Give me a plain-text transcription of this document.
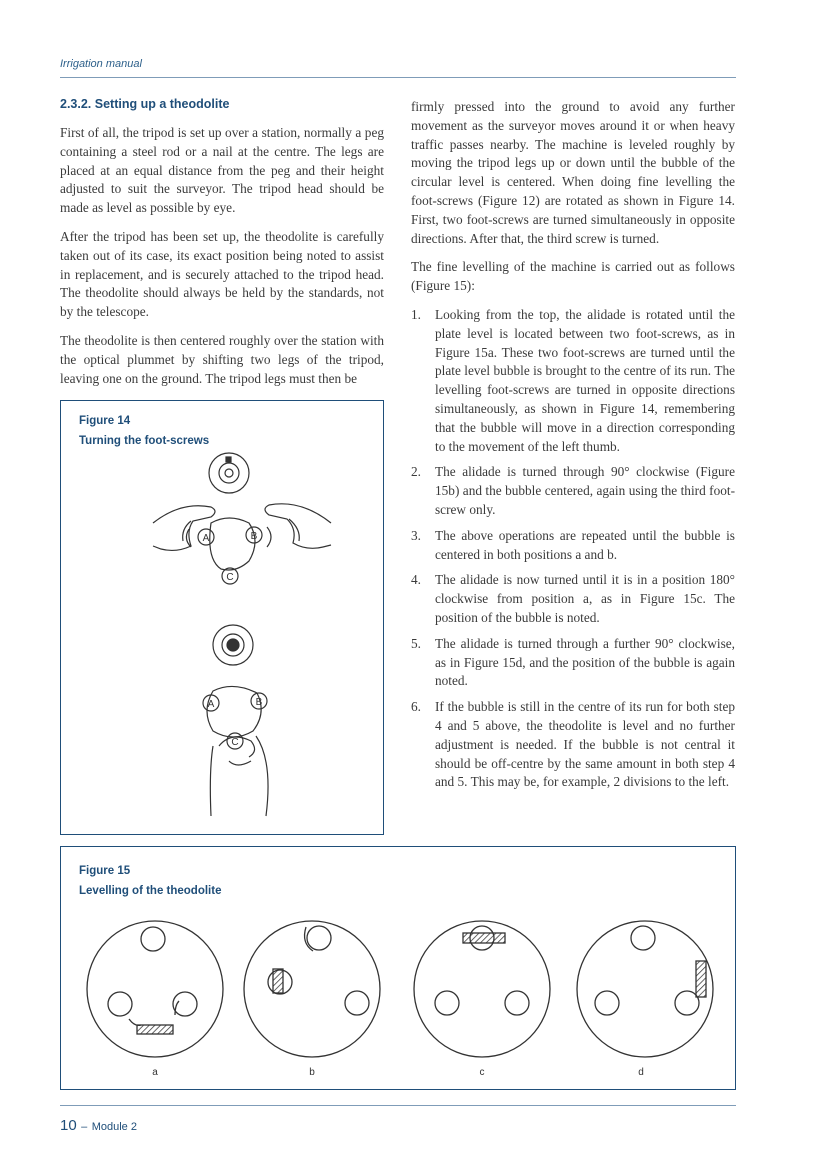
Irrigation manual
2.3.2. Setting up a theodolite

First of all, the tripod is set up over a station, normally a peg containing a steel rod or a nail at the centre. The legs are placed at an equal distance from the peg and their height adjusted to suit the surveyor. The tripod head should be made as level as possible by eye.

After the tripod has been set up, the theodolite is carefully taken out of its case, its exact position being noted to assist in replacement, and is securely attached to the tripod head. The theodolite should always be held by the standards, not by the telescope.

The theodolite is then centered roughly over the station with the optical plummet by shifting two legs of the tripod, leaving one on the ground. The tripod legs must then be

firmly pressed into the ground to avoid any further movement as the surveyor moves around it or when heavy traffic passes nearby. The machine is leveled roughly by moving the tripod legs up or down until the bubble of the circular level is centered. When doing fine levelling the foot-screws (Figure 12) are rotated as shown in Figure 14. First, two foot-screws are turned simultaneously in opposite directions. After that, the third screw is turned.

The fine levelling of the machine is carried out as follows (Figure 15):

1. Looking from the top, the alidade is rotated until the plate level is located between two foot-screws, as in Figure 15a. These two foot-screws are turned until the plate level bubble is brought to the centre of its run. The levelling foot-screws are turned in opposite directions simultaneously, as shown in Figure 14, remembering that the bubble will move in a direction corresponding to the movement of the left thumb.
2. The alidade is turned through 90° clockwise (Figure 15b) and the bubble centered, again using the third foot-screw only.
3. The above operations are repeated until the bubble is centered in both positions a and b.
4. The alidade is now turned until it is in a position 180° clockwise from position a, as in Figure 15c. The position of the bubble is noted.
5. The alidade is turned through a further 90° clockwise, as in Figure 15d, and the position of the bubble is again noted.
6. If the bubble is still in the centre of its run for both step 4 and 5 above, the theodolite is level and no further adjustment is needed. If the bubble is not central it should be off-centre by the same amount in both step 4 and 5. This may be, for example, 2 divisions to the left.
Figure 14
Turning the foot-screws
A	B
C
A	B
C
Figure 15
Levelling of the theodolite
a	b	c	d
10 – Module 2
